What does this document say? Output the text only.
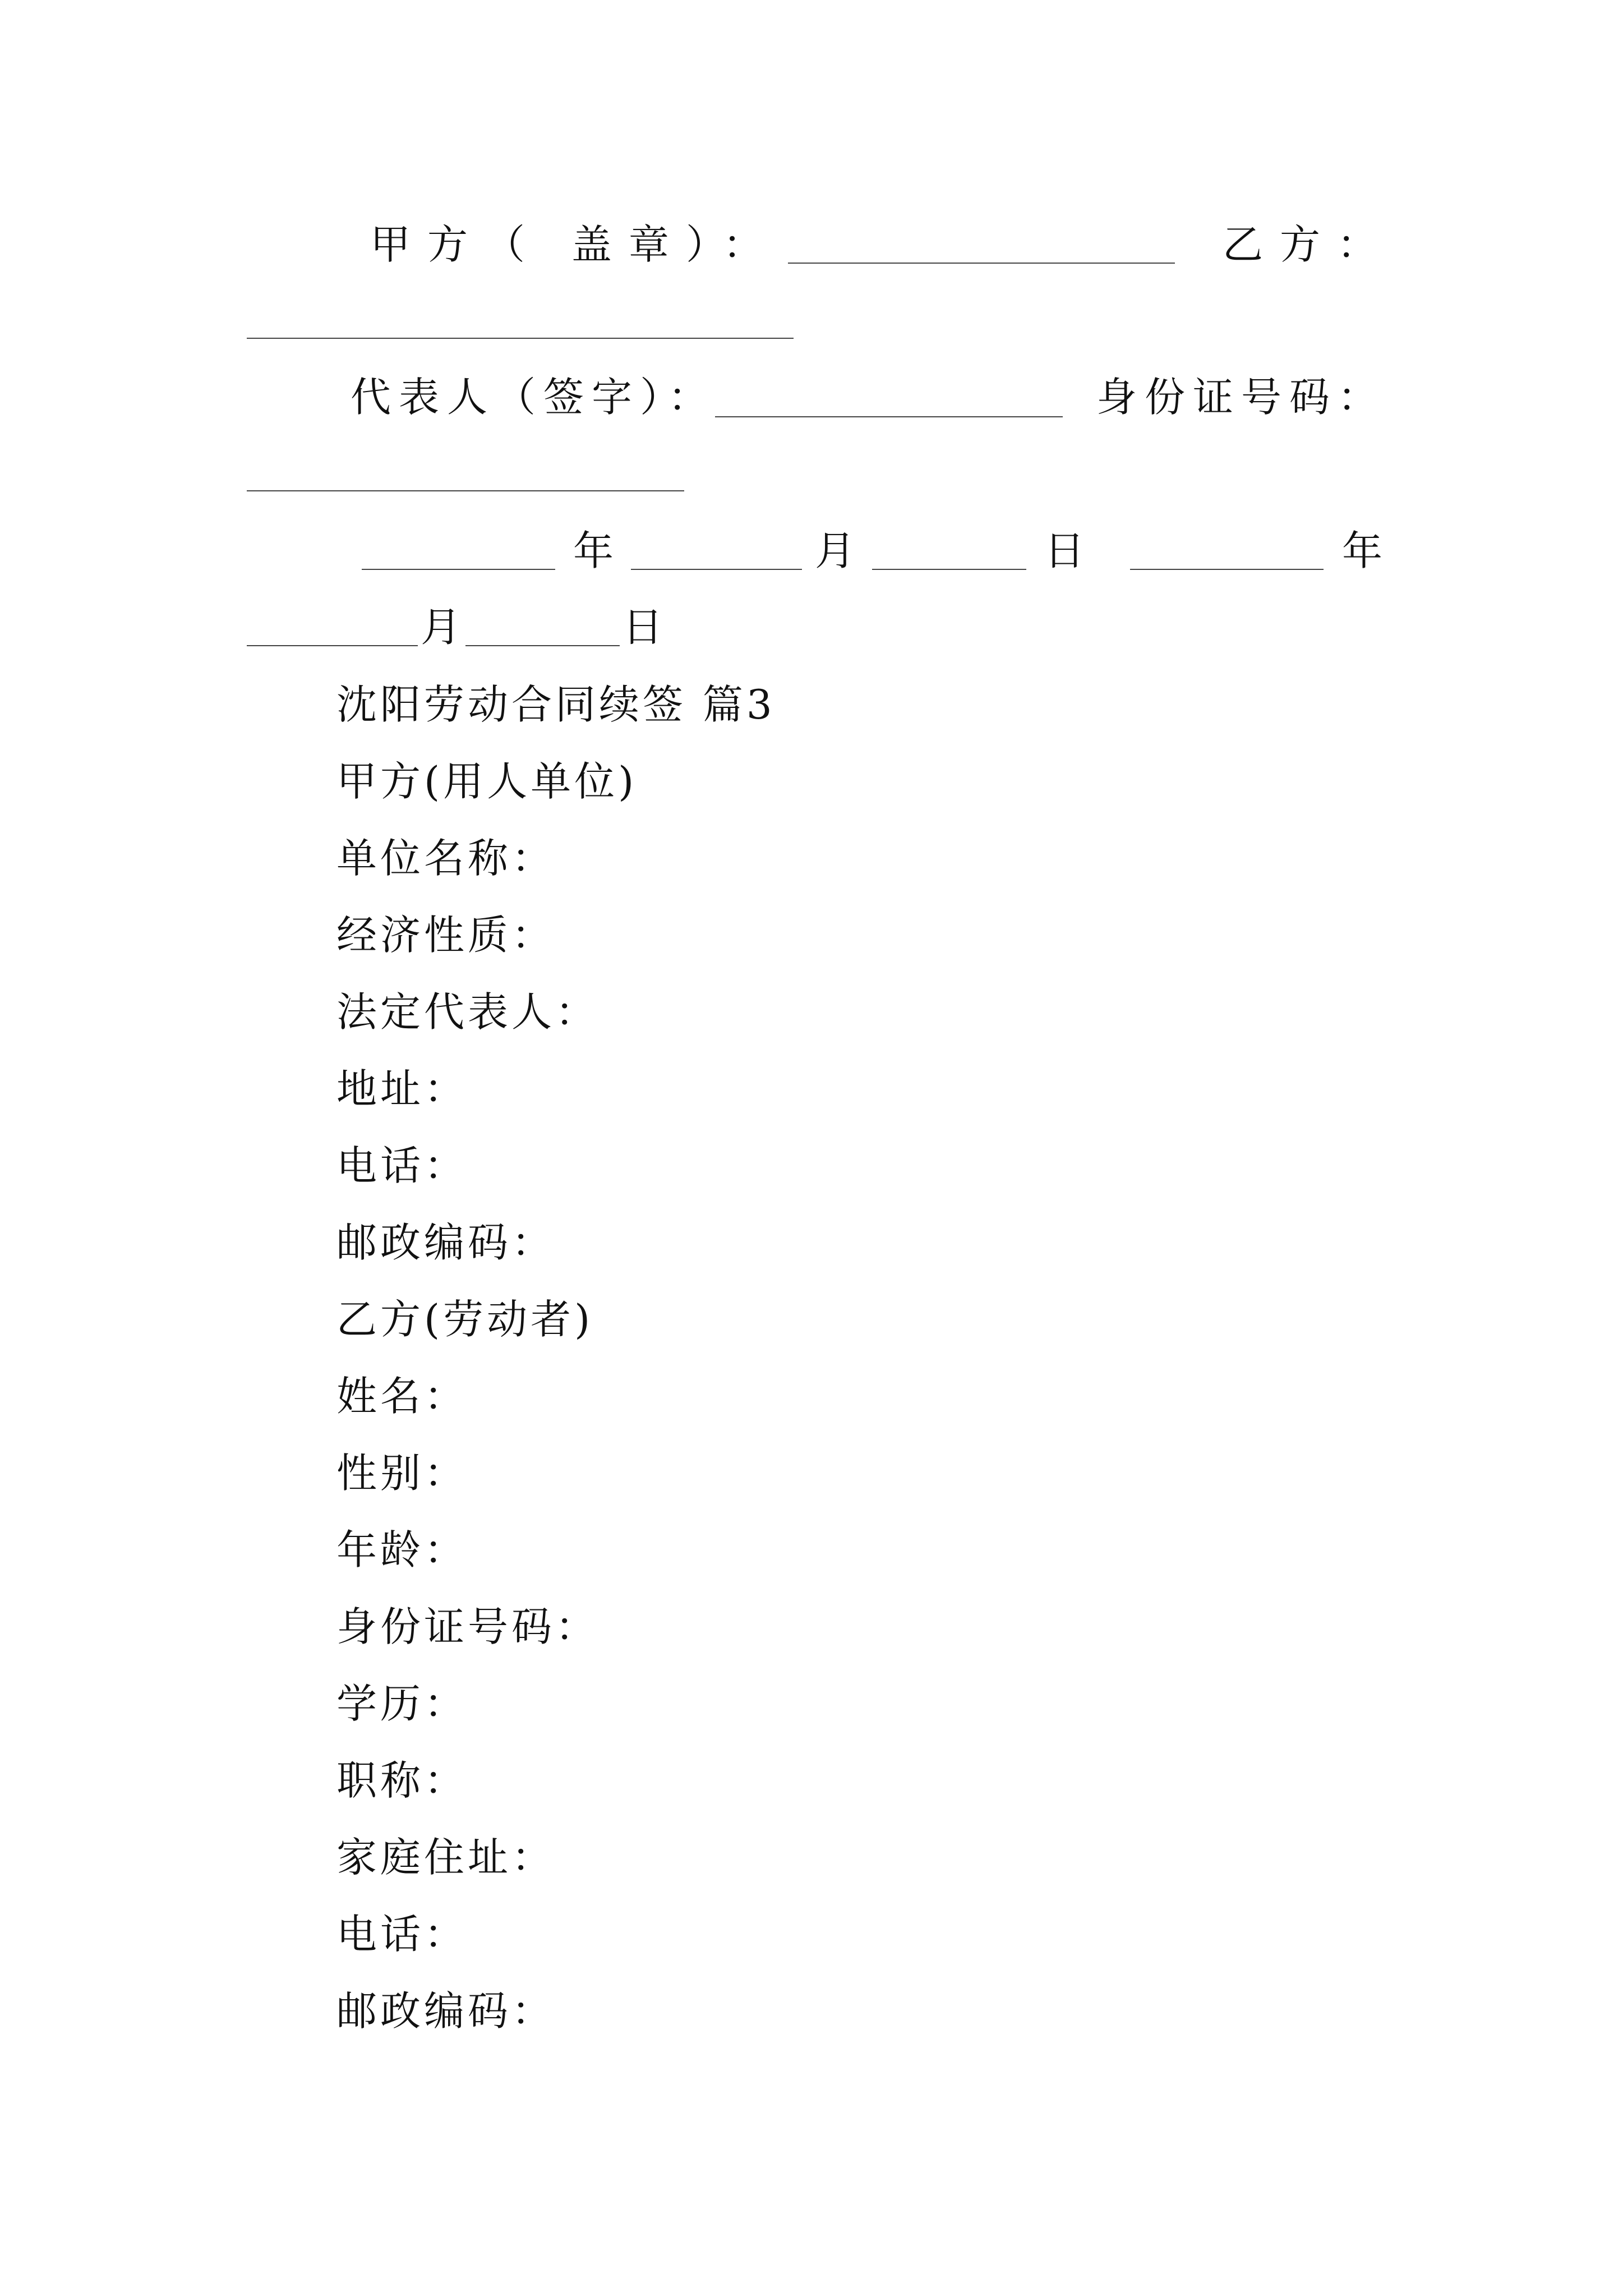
甲方（ 盖章）：	乙方：
代表人（签字）：	身份证号码：
年	月	日	年
月	日
沈阳劳动合同续签 篇3
甲方(用人单位)
单位名称：
经济性质：
法定代表人：
地址：
电话：
邮政编码：
乙方(劳动者)
姓名：
性别：
年龄：
身份证号码：
学历：
职称：
家庭住址：
电话：
邮政编码：
